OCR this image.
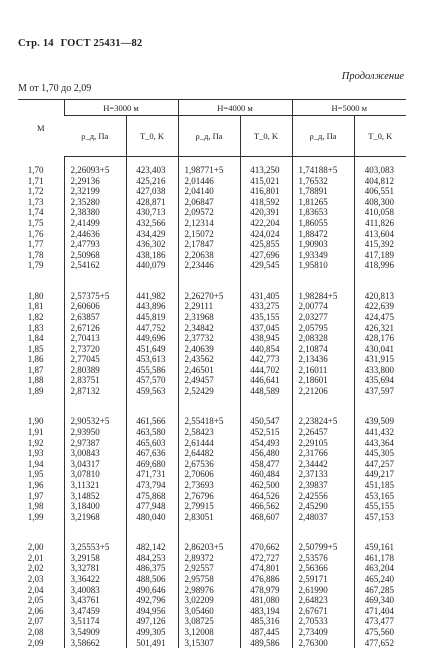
Стр. 14 ГОСТ 25431—82
Продолжение
M от 1,70 до 2,09
M	H=3000 м		H=4000 м		H=5000 м	
	ρ_д, Па	T_0, K	ρ_д, Па	T_0, K	ρ_д, Па	T_0, K

1,70	2,26093+5	423,403	1,98771+5	413,250	1,74188+5	403,083
1,71	2,29136	425,216	2,01446	415,021	1,76532	404,812
1,72	2,32199	427,038	2,04140	416,801	1,78891	406,551
1,73	2,35280	428,871	2,06847	418,592	1,81265	408,300
1,74	2,38380	430,713	2,09572	420,391	1,83653	410,058
1,75	2,41499	432,566	2,12314	422,204	1,86055	411,826
1,76	2,44636	434,429	2,15072	424,024	1,88472	413,604
1,77	2,47793	436,302	2,17847	425,855	1,90903	415,392
1,78	2,50968	438,186	2,20638	427,696	1,93349	417,189
1,79	2,54162	440,079	2,23446	429,545	1,95810	418,996

1,80	2,57375+5	441,982	2,26270+5	431,405	1,98284+5	420,813
1,81	2,60606	443,896	2,29111	433,275	2,00774	422,639
1,82	2,63857	445,819	2,31968	435,155	2,03277	424,475
1,83	2,67126	447,752	2,34842	437,045	2,05795	426,321
1,84	2,70413	449,696	2,37732	438,945	2,08328	428,176
1,85	2,73720	451,649	2,40639	440,854	2,10874	430,041
1,86	2,77045	453,613	2,43562	442,773	2,13436	431,915
1,87	2,80389	455,586	2,46501	444,702	2,16011	433,800
1,88	2,83751	457,570	2,49457	446,641	2,18601	435,694
1,89	2,87132	459,563	2,52429	448,589	2,21206	437,597

1,90	2,90532+5	461,566	2,55418+5	450,547	2,23824+5	439,509
1,91	2,93950	463,580	2,58423	452,515	2,26457	441,432
1,92	2,97387	465,603	2,61444	454,493	2,29105	443,364
1,93	3,00843	467,636	2,64482	456,480	2,31766	445,305
1,94	3,04317	469,680	2,67536	458,477	2,34442	447,257
1,95	3,07810	471,731	2,70606	460,484	2,37133	449,217
1,96	3,11321	473,794	2,73693	462,500	2,39837	451,185
1,97	3,14852	475,868	2,76796	464,526	2,42556	453,165
1,98	3,18400	477,948	2,79915	466,562	2,45290	455,155
1,99	3,21968	480,040	2,83051	468,607	2,48037	457,153

2,00	3,25553+5	482,142	2,86203+5	470,662	2,50799+5	459,161
2,01	3,29158	484,253	2,89372	472,727	2,53576	461,178
2,02	3,32781	486,375	2,92557	474,801	2,56366	463,204
2,03	3,36422	488,506	2,95758	476,886	2,59171	465,240
2,04	3,40083	490,646	2,98976	478,979	2,61990	467,285
2,05	3,43761	492,796	3,02209	481,080	2,64823	469,340
2,06	3,47459	494,956	3,05460	483,194	2,67671	471,404
2,07	3,51174	497,126	3,08725	485,316	2,70533	473,477
2,08	3,54909	499,305	3,12008	487,445	2,73409	475,560
2,09	3,58662	501,491	3,15307	489,586	2,76300	477,652
